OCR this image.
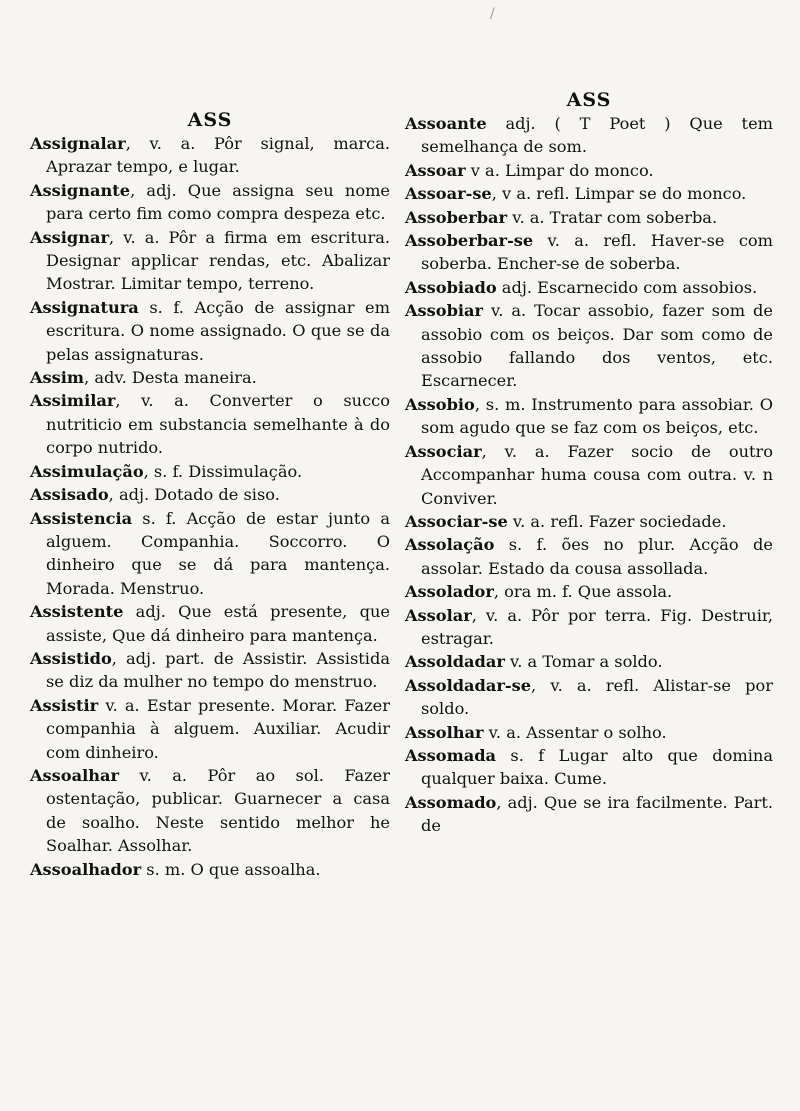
/
ASS

Assignalar, v. a. Pôr signal, marca. Aprazar tempo, e lugar.

Assignante, adj. Que assigna seu nome para certo fim como compra despeza etc.

Assignar, v. a. Pôr a firma em escritura. Designar applicar rendas, etc. Abalizar Mostrar. Limitar tempo, terreno.

Assignatura s. f. Acção de assignar em escritura. O nome assignado. O que se da pelas assignaturas.

Assim, adv. Desta maneira.

Assimilar, v. a. Converter o succo nutriticio em substancia semelhante à do corpo nutrido.

Assimulação, s. f. Dissimulação.

Assisado, adj. Dotado de siso.

Assistencia s. f. Acção de estar junto a alguem. Companhia. Soccorro. O dinheiro que se dá para mantença. Morada. Menstruo.

Assistente adj. Que está presente, que assiste, Que dá dinheiro para mantença.

Assistido, adj. part. de Assistir. Assistida se diz da mulher no tempo do menstruo.

Assistir v. a. Estar presente. Morar. Fazer companhia à alguem. Auxiliar. Acudir com dinheiro.

Assoalhar v. a. Pôr ao sol. Fazer ostentação, publicar. Guarnecer a casa de soalho. Neste sentido melhor he Soalhar. Assolhar.

Assoalhador s. m. O que assoalha.

ASS

Assoante adj. ( T Poet ) Que tem semelhança de som.

Assoar v a. Limpar do monco.

Assoar-se, v a. refl. Limpar se do monco.

Assoberbar v. a. Tratar com soberba.

Assoberbar-se v. a. refl. Haver-se com soberba. Encher-se de soberba.

Assobiado adj. Escarnecido com assobios.

Assobiar v. a. Tocar assobio, fazer som de assobio com os beiços. Dar som como de assobio fallando dos ventos, etc. Escarnecer.

Assobio, s. m. Instrumento para assobiar. O som agudo que se faz com os beiços, etc.

Associar, v. a. Fazer socio de outro Accompanhar huma cousa com outra. v. n Conviver.

Associar-se v. a. refl. Fazer sociedade.

Assolação s. f. ões no plur. Acção de assolar. Estado da cousa assollada.

Assolador, ora m. f. Que assola.

Assolar, v. a. Pôr por terra. Fig. Destruir, estragar.

Assoldadar v. a Tomar a soldo.

Assoldadar-se, v. a. refl. Alistar-se por soldo.

Assolhar v. a. Assentar o solho.

Assomada s. f Lugar alto que domina qualquer baixa. Cume.

Assomado, adj. Que se ira facilmente. Part. de
